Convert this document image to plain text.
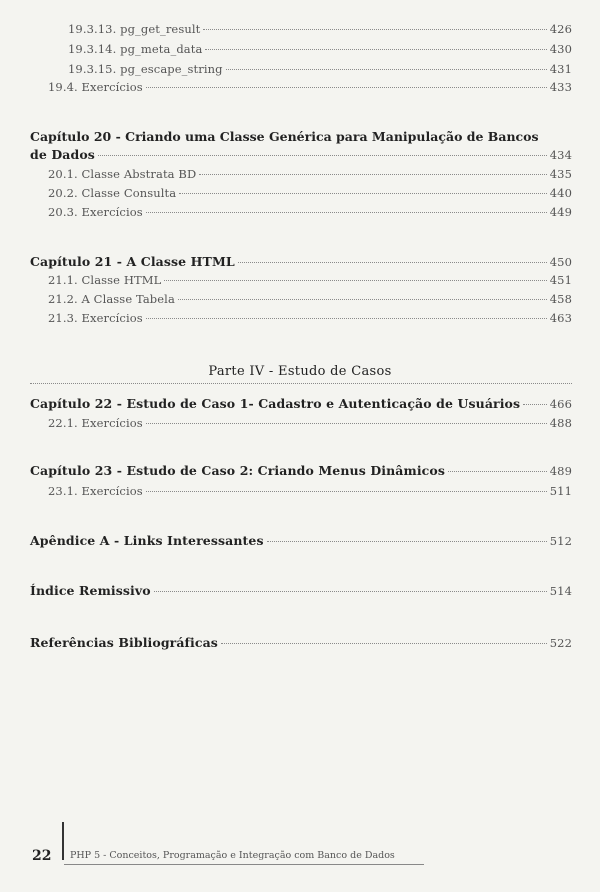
19.3.13. pg_get_result	426
19.3.14. pg_meta_data	430
19.3.15. pg_escape_string	431
19.4. Exercícios	433
Capítulo 20 - Criando uma Classe Genérica para Manipulação de Bancos
de Dados	434
20.1. Classe Abstrata BD	435
20.2. Classe Consulta	440
20.3. Exercícios	449
Capítulo 21 - A Classe HTML	450
21.1. Classe HTML	451
21.2. A Classe Tabela	458
21.3. Exercícios	463
Parte IV - Estudo de Casos
Capítulo 22 - Estudo de Caso 1- Cadastro e Autenticação de Usuários	466
22.1. Exercícios	488
Capítulo 23 - Estudo de Caso 2: Criando Menus Dinâmicos	489
23.1. Exercícios	511
Apêndice A - Links Interessantes	512
Índice Remissivo	514
Referências Bibliográficas	522
22 PHP 5 - Conceitos, Programação e Integração com Banco de Dados
